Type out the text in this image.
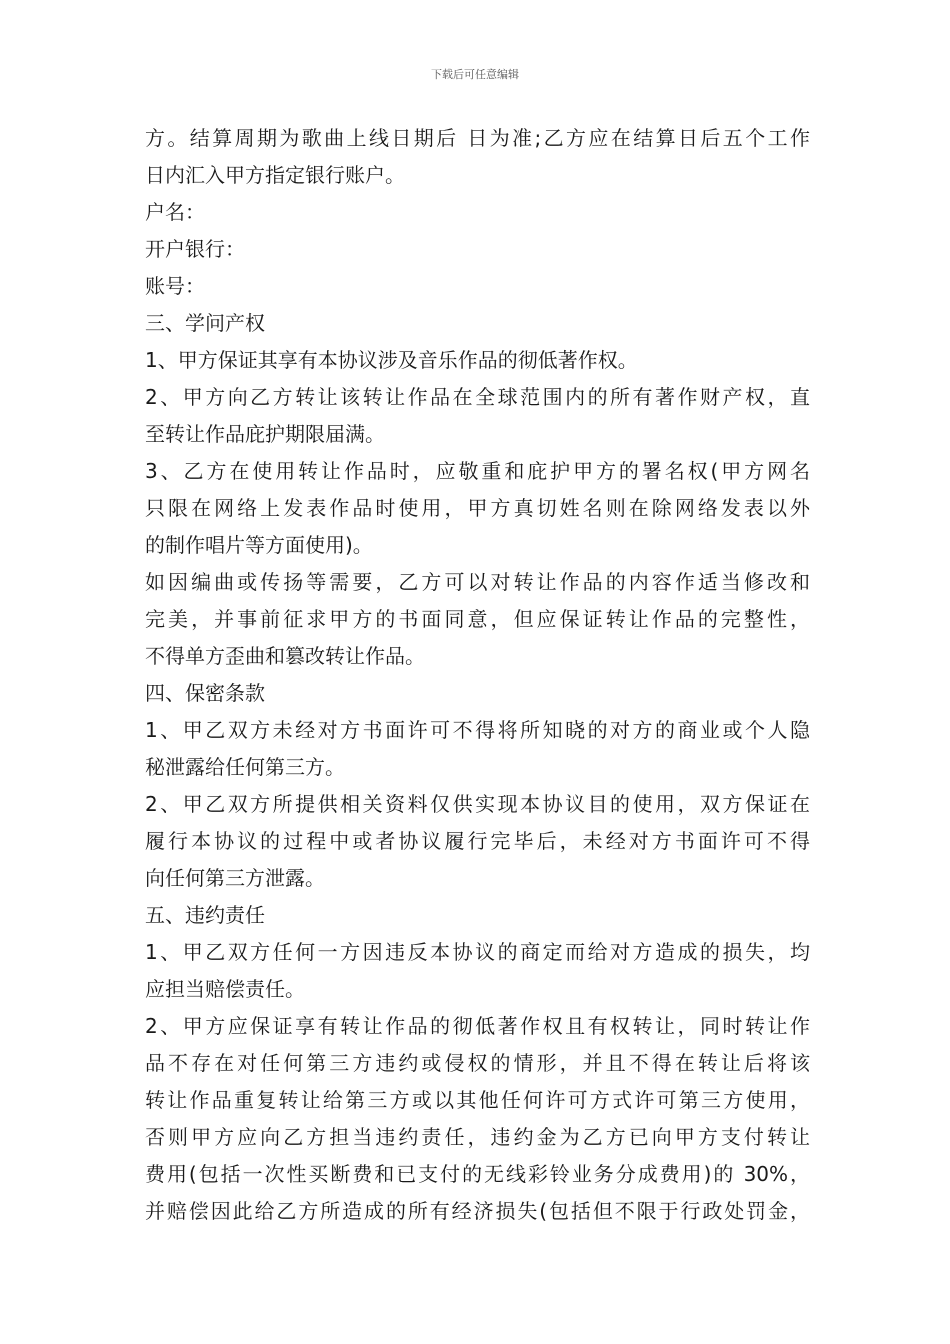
下载后可任意编辑
方。结算周期为歌曲上线日期后 日为准;乙方应在结算日后五个工作
日内汇入甲方指定银行账户。
户名：
开户银行：
账号：
三、学问产权
1、甲方保证其享有本协议涉及音乐作品的彻低著作权。
2、甲方向乙方转让该转让作品在全球范围内的所有著作财产权，直
至转让作品庇护期限届满。
3、乙方在使用转让作品时，应敬重和庇护甲方的署名权(甲方网名
只限在网络上发表作品时使用，甲方真切姓名则在除网络发表以外
的制作唱片等方面使用)。
如因编曲或传扬等需要，乙方可以对转让作品的内容作适当修改和
完美，并事前征求甲方的书面同意，但应保证转让作品的完整性，
不得单方歪曲和篡改转让作品。
四、保密条款
1、甲乙双方未经对方书面许可不得将所知晓的对方的商业或个人隐
秘泄露给任何第三方。
2、甲乙双方所提供相关资料仅供实现本协议目的使用，双方保证在
履行本协议的过程中或者协议履行完毕后，未经对方书面许可不得
向任何第三方泄露。
五、违约责任
1、甲乙双方任何一方因违反本协议的商定而给对方造成的损失，均
应担当赔偿责任。
2、甲方应保证享有转让作品的彻低著作权且有权转让，同时转让作
品不存在对任何第三方违约或侵权的情形，并且不得在转让后将该
转让作品重复转让给第三方或以其他任何许可方式许可第三方使用，
否则甲方应向乙方担当违约责任，违约金为乙方已向甲方支付转让
费用(包括一次性买断费和已支付的无线彩铃业务分成费用)的 30%，
并赔偿因此给乙方所造成的所有经济损失(包括但不限于行政处罚金，
